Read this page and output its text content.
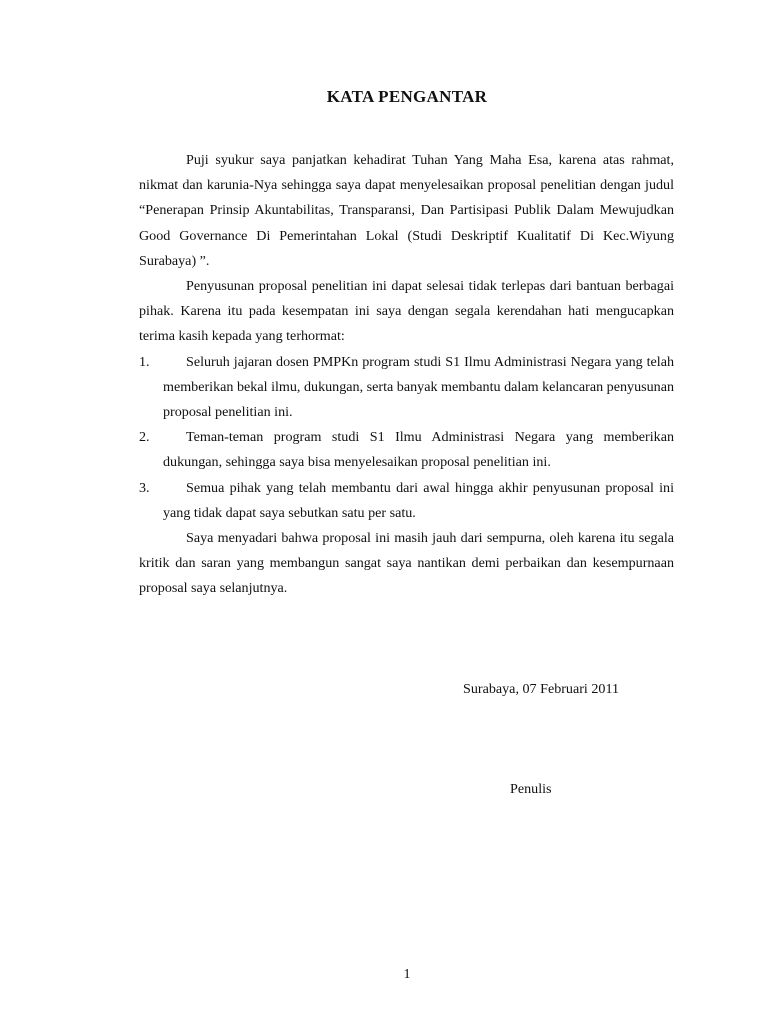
KATA PENGANTAR

Puji syukur saya panjatkan kehadirat Tuhan Yang Maha Esa, karena atas rahmat, nikmat dan karunia-Nya sehingga saya dapat menyelesaikan proposal penelitian dengan judul “Penerapan Prinsip Akuntabilitas, Transparansi, Dan Partisipasi Publik Dalam Mewujudkan Good Governance Di Pemerintahan Lokal (Studi Deskriptif Kualitatif Di Kec.Wiyung Surabaya) ”.

Penyusunan proposal penelitian ini dapat selesai tidak terlepas dari bantuan berbagai pihak. Karena itu pada kesempatan ini saya dengan segala kerendahan hati mengucapkan terima kasih kepada yang terhormat:

1.	Seluruh jajaran dosen PMPKn program studi S1 Ilmu Administrasi Negara yang telah memberikan bekal ilmu, dukungan, serta banyak membantu dalam kelancaran penyusunan proposal penelitian ini.
2.	Teman-teman program studi S1 Ilmu Administrasi Negara yang memberikan dukungan, sehingga saya bisa menyelesaikan proposal penelitian ini.
3.	Semua pihak yang telah membantu dari awal hingga akhir penyusunan proposal ini yang tidak dapat saya sebutkan satu per satu.

Saya menyadari bahwa proposal ini masih jauh dari sempurna, oleh karena itu segala kritik dan saran yang membangun sangat saya nantikan demi perbaikan dan kesempurnaan proposal saya selanjutnya.

Surabaya, 07 Februari 2011
Penulis
1
